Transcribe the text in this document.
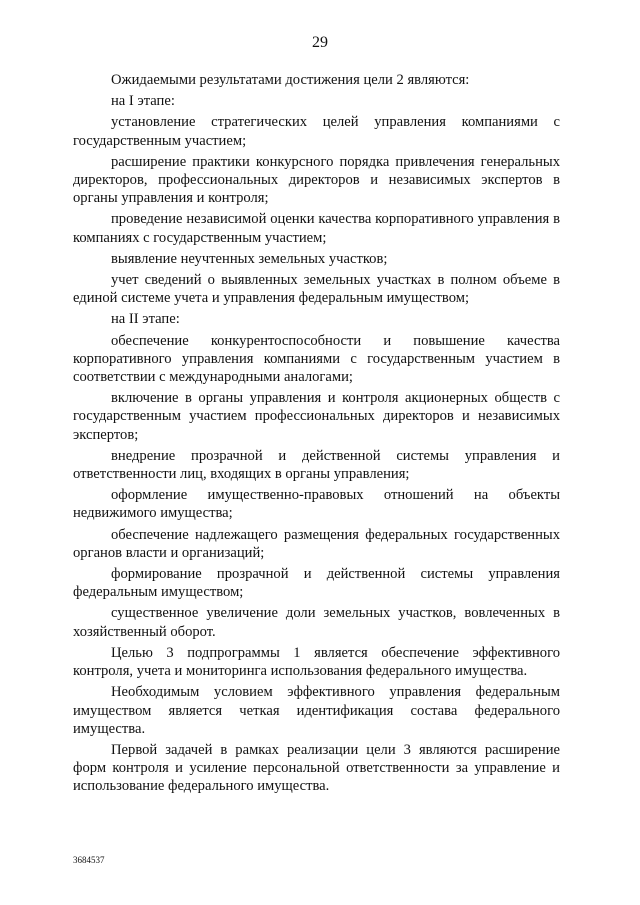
29

Ожидаемыми результатами достижения цели 2 являются:

на I этапе:

установление стратегических целей управления компаниями с государственным участием;

расширение практики конкурсного порядка привлечения генеральных директоров, профессиональных директоров и независимых экспертов в органы управления и контроля;

проведение независимой оценки качества корпоративного управления в компаниях с государственным участием;

выявление неучтенных земельных участков;

учет сведений о выявленных земельных участках в полном объеме в единой системе учета и управления федеральным имуществом;

на II этапе:

обеспечение конкурентоспособности и повышение качества корпоративного управления компаниями с государственным участием в соответствии с международными аналогами;

включение в органы управления и контроля акционерных обществ с государственным участием профессиональных директоров и независимых экспертов;

внедрение прозрачной и действенной системы управления и ответственности лиц, входящих в органы управления;

оформление имущественно-правовых отношений на объекты недвижимого имущества;

обеспечение надлежащего размещения федеральных государственных органов власти и организаций;

формирование прозрачной и действенной системы управления федеральным имуществом;

существенное увеличение доли земельных участков, вовлеченных в хозяйственный оборот.

Целью 3 подпрограммы 1 является обеспечение эффективного контроля, учета и мониторинга использования федерального имущества.

Необходимым условием эффективного управления федеральным имуществом является четкая идентификация состава федерального имущества.

Первой задачей в рамках реализации цели 3 являются расширение форм контроля и усиление персональной ответственности за управление и использование федерального имущества.

3684537
